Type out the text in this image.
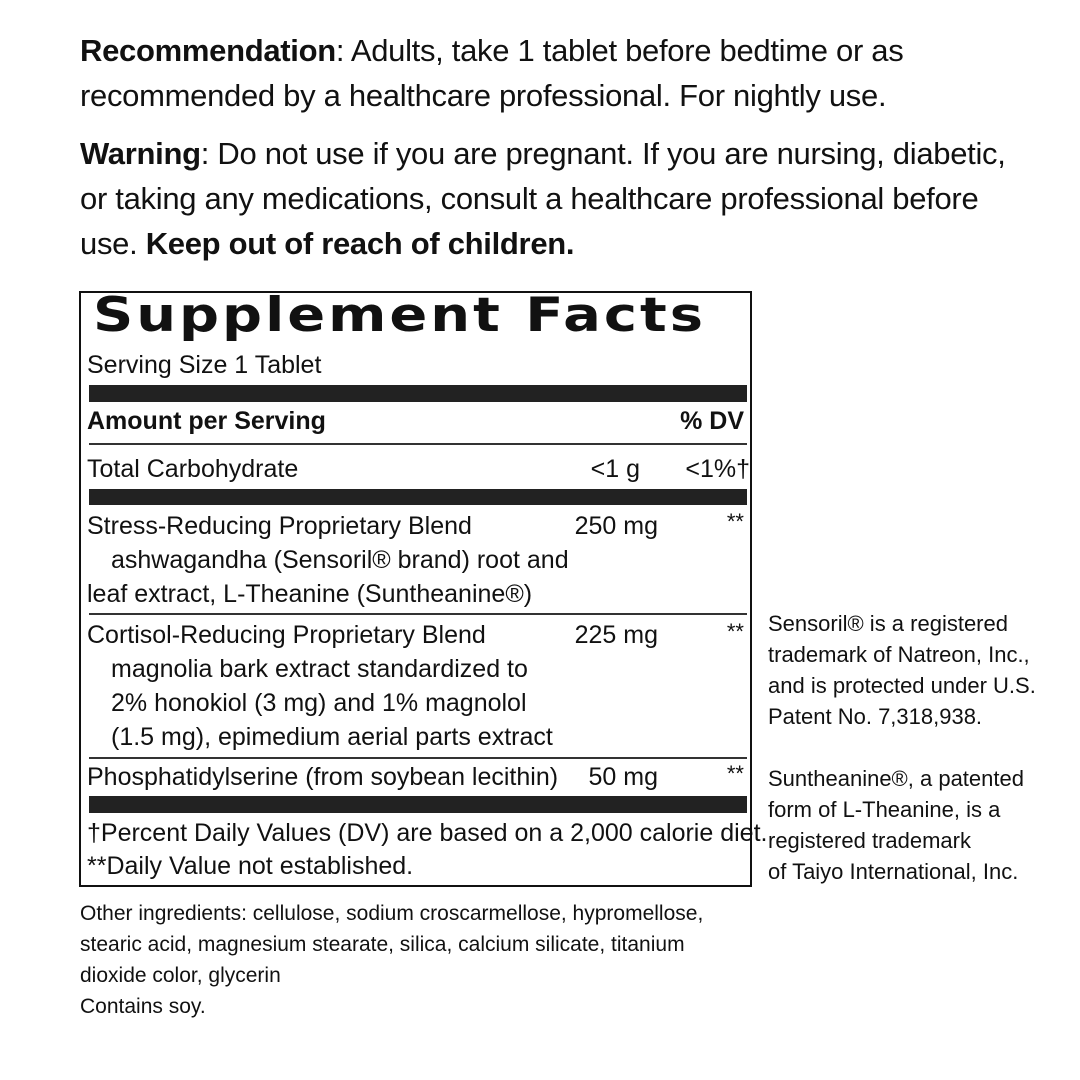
Recommendation: Adults, take 1 tablet before bedtime or as recommended by a healthcare professional. For nightly use.
Warning: Do not use if you are pregnant. If you are nursing, diabetic, or taking any medications, consult a healthcare professional before use. Keep out of reach of children.
Supplement Facts
Serving Size 1 Tablet
Amount per Serving	% DV
Total Carbohydrate	<1 g	<1%†
Stress-Reducing Proprietary Blend	250 mg	**
ashwagandha (Sensoril® brand) root and
leaf extract, L-Theanine (Suntheanine®)
Cortisol-Reducing Proprietary Blend	225 mg	**
magnolia bark extract standardized to
2% honokiol (3 mg) and 1% magnolol
(1.5 mg), epimedium aerial parts extract
Phosphatidylserine (from soybean lecithin)	50 mg	**
†Percent Daily Values (DV) are based on a 2,000 calorie diet.
**Daily Value not established.
Sensoril® is a registered
trademark of Natreon, Inc.,
and is protected under U.S.
Patent No. 7,318,938.
Suntheanine®, a patented
form of L-Theanine, is a
registered trademark
of Taiyo International, Inc.
Other ingredients: cellulose, sodium croscarmellose, hypromellose,
stearic acid, magnesium stearate, silica, calcium silicate, titanium
dioxide color, glycerin
Contains soy.
